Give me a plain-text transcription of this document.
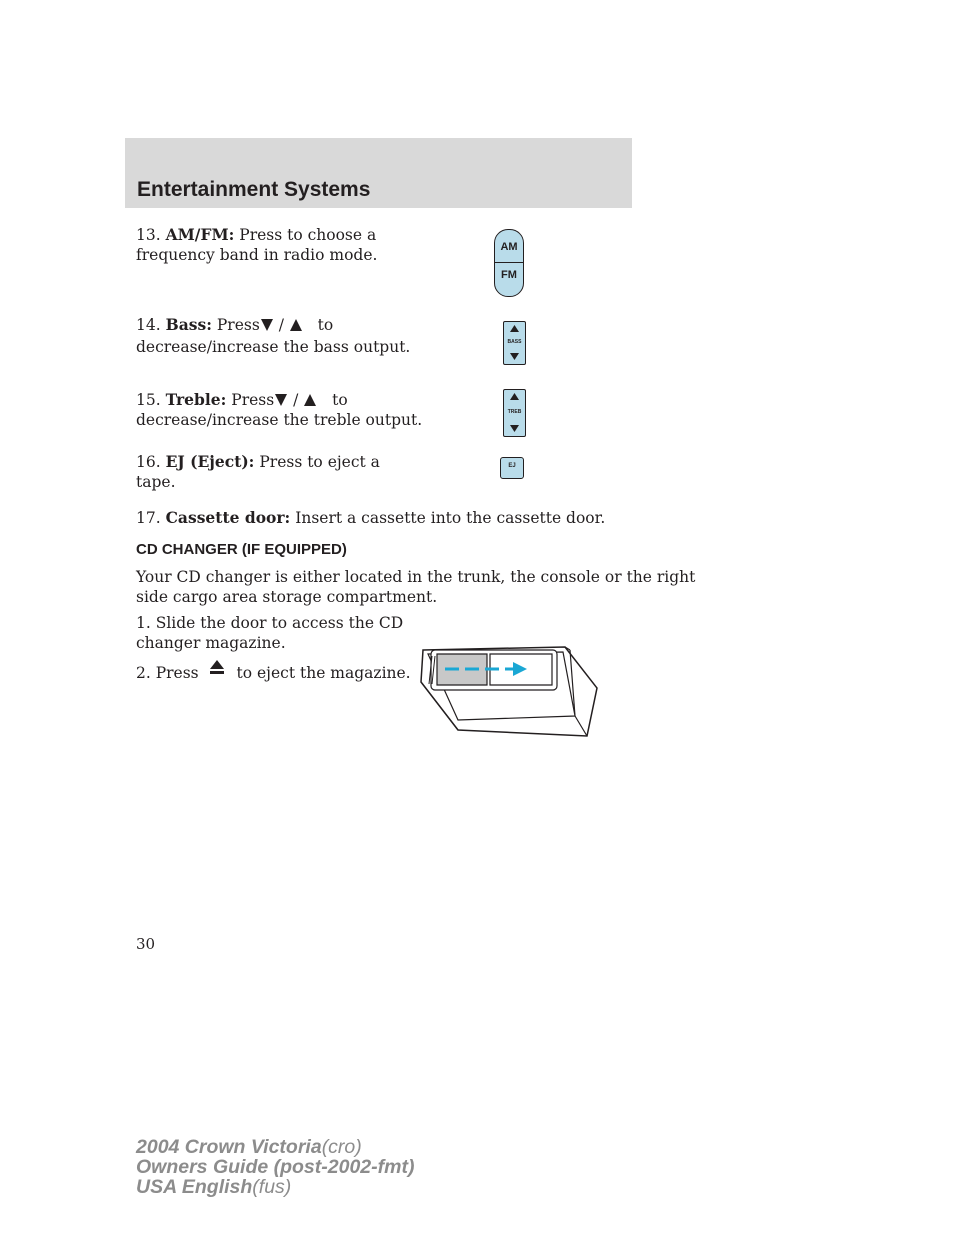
Entertainment Systems
13. AM/FM: Press to choose a
frequency band in radio mode.
14. Bass: Press / to
decrease/increase the bass output.
15. Treble: Press / to
decrease/increase the treble output.
16. EJ (Eject): Press to eject a
tape.
17. Cassette door: Insert a cassette into the cassette door.
CD CHANGER (IF EQUIPPED)
Your CD changer is either located in the trunk, the console or the right
side cargo area storage compartment.
1. Slide the door to access the CD
changer magazine.
2. Press to eject the magazine.
AM
FM
BASS
TREB
EJ
30
2004 Crown Victoria(cro)
Owners Guide (post-2002-fmt)
USA English(fus)
